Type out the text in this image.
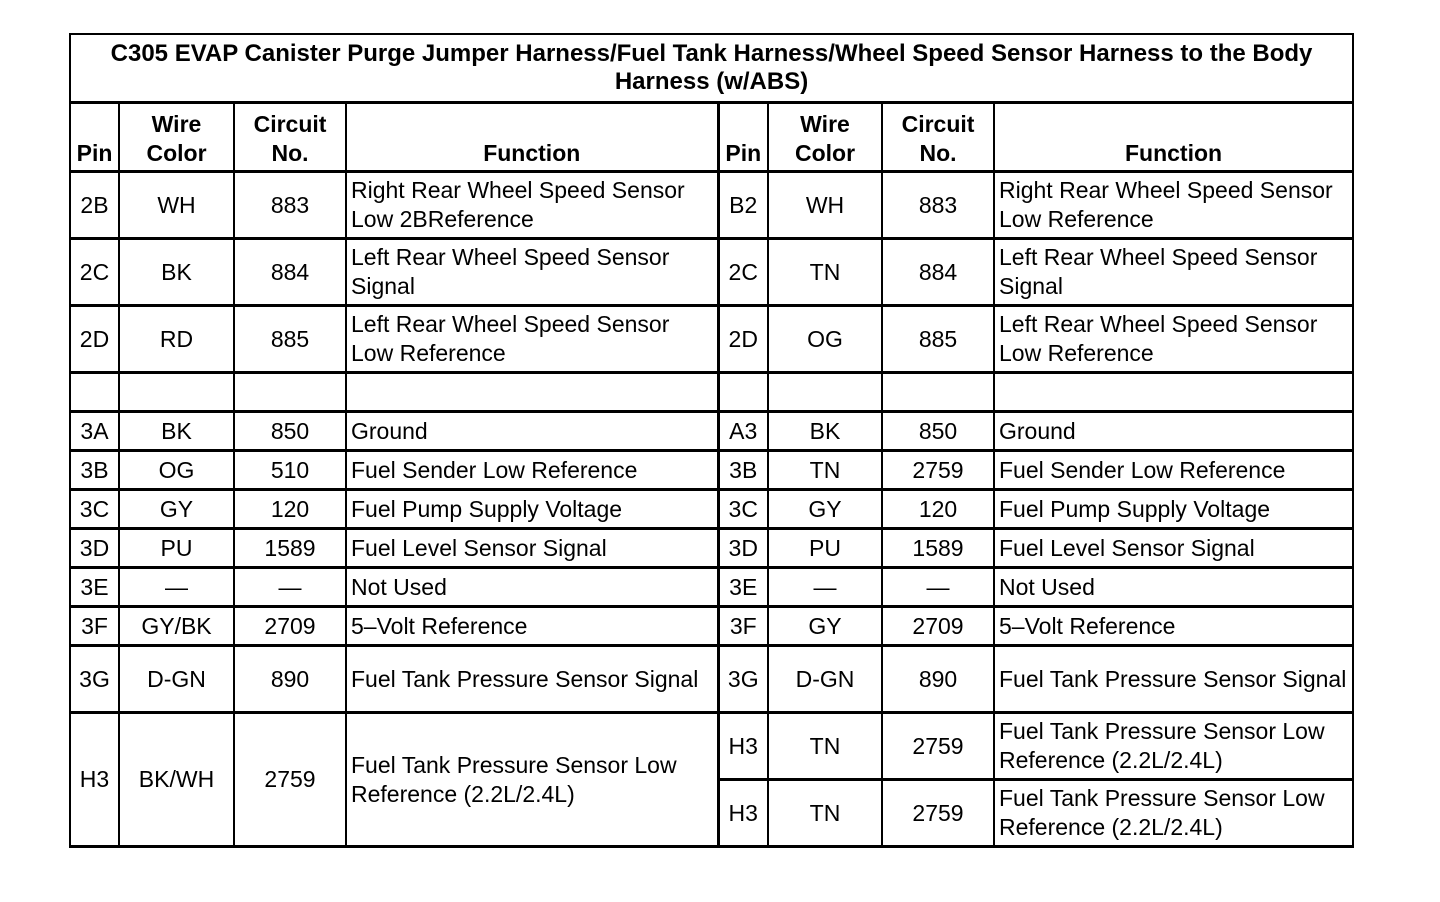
C305 EVAP Canister Purge Jumper Harness/Fuel Tank Harness/Wheel Speed Sensor Harness to the Body Harness (w/ABS)							
Pin	Wire Color	Circuit No.	Function	Pin	Wire Color	Circuit No.	Function
2B	WH	883	Right Rear Wheel Speed Sensor Low 2BReference	B2	WH	883	Right Rear Wheel Speed Sensor Low Reference
2C	BK	884	Left Rear Wheel Speed Sensor Signal	2C	TN	884	Left Rear Wheel Speed Sensor Signal
2D	RD	885	Left Rear Wheel Speed Sensor Low Reference	2D	OG	885	Left Rear Wheel Speed Sensor Low Reference

3A	BK	850	Ground	A3	BK	850	Ground
3B	OG	510	Fuel Sender Low Reference	3B	TN	2759	Fuel Sender Low Reference
3C	GY	120	Fuel Pump Supply Voltage	3C	GY	120	Fuel Pump Supply Voltage
3D	PU	1589	Fuel Level Sensor Signal	3D	PU	1589	Fuel Level Sensor Signal
3E	—	—	Not Used	3E	—	—	Not Used
3F	GY/BK	2709	5–Volt Reference	3F	GY	2709	5–Volt Reference
3G	D-GN	890	Fuel Tank Pressure Sensor Signal	3G	D-GN	890	Fuel Tank Pressure Sensor Signal
H3	BK/WH	2759	Fuel Tank Pressure Sensor Low Reference (2.2L/2.4L)	H3	TN	2759	Fuel Tank Pressure Sensor Low Reference (2.2L/2.4L)
				H3	TN	2759	Fuel Tank Pressure Sensor Low Reference (2.2L/2.4L)
